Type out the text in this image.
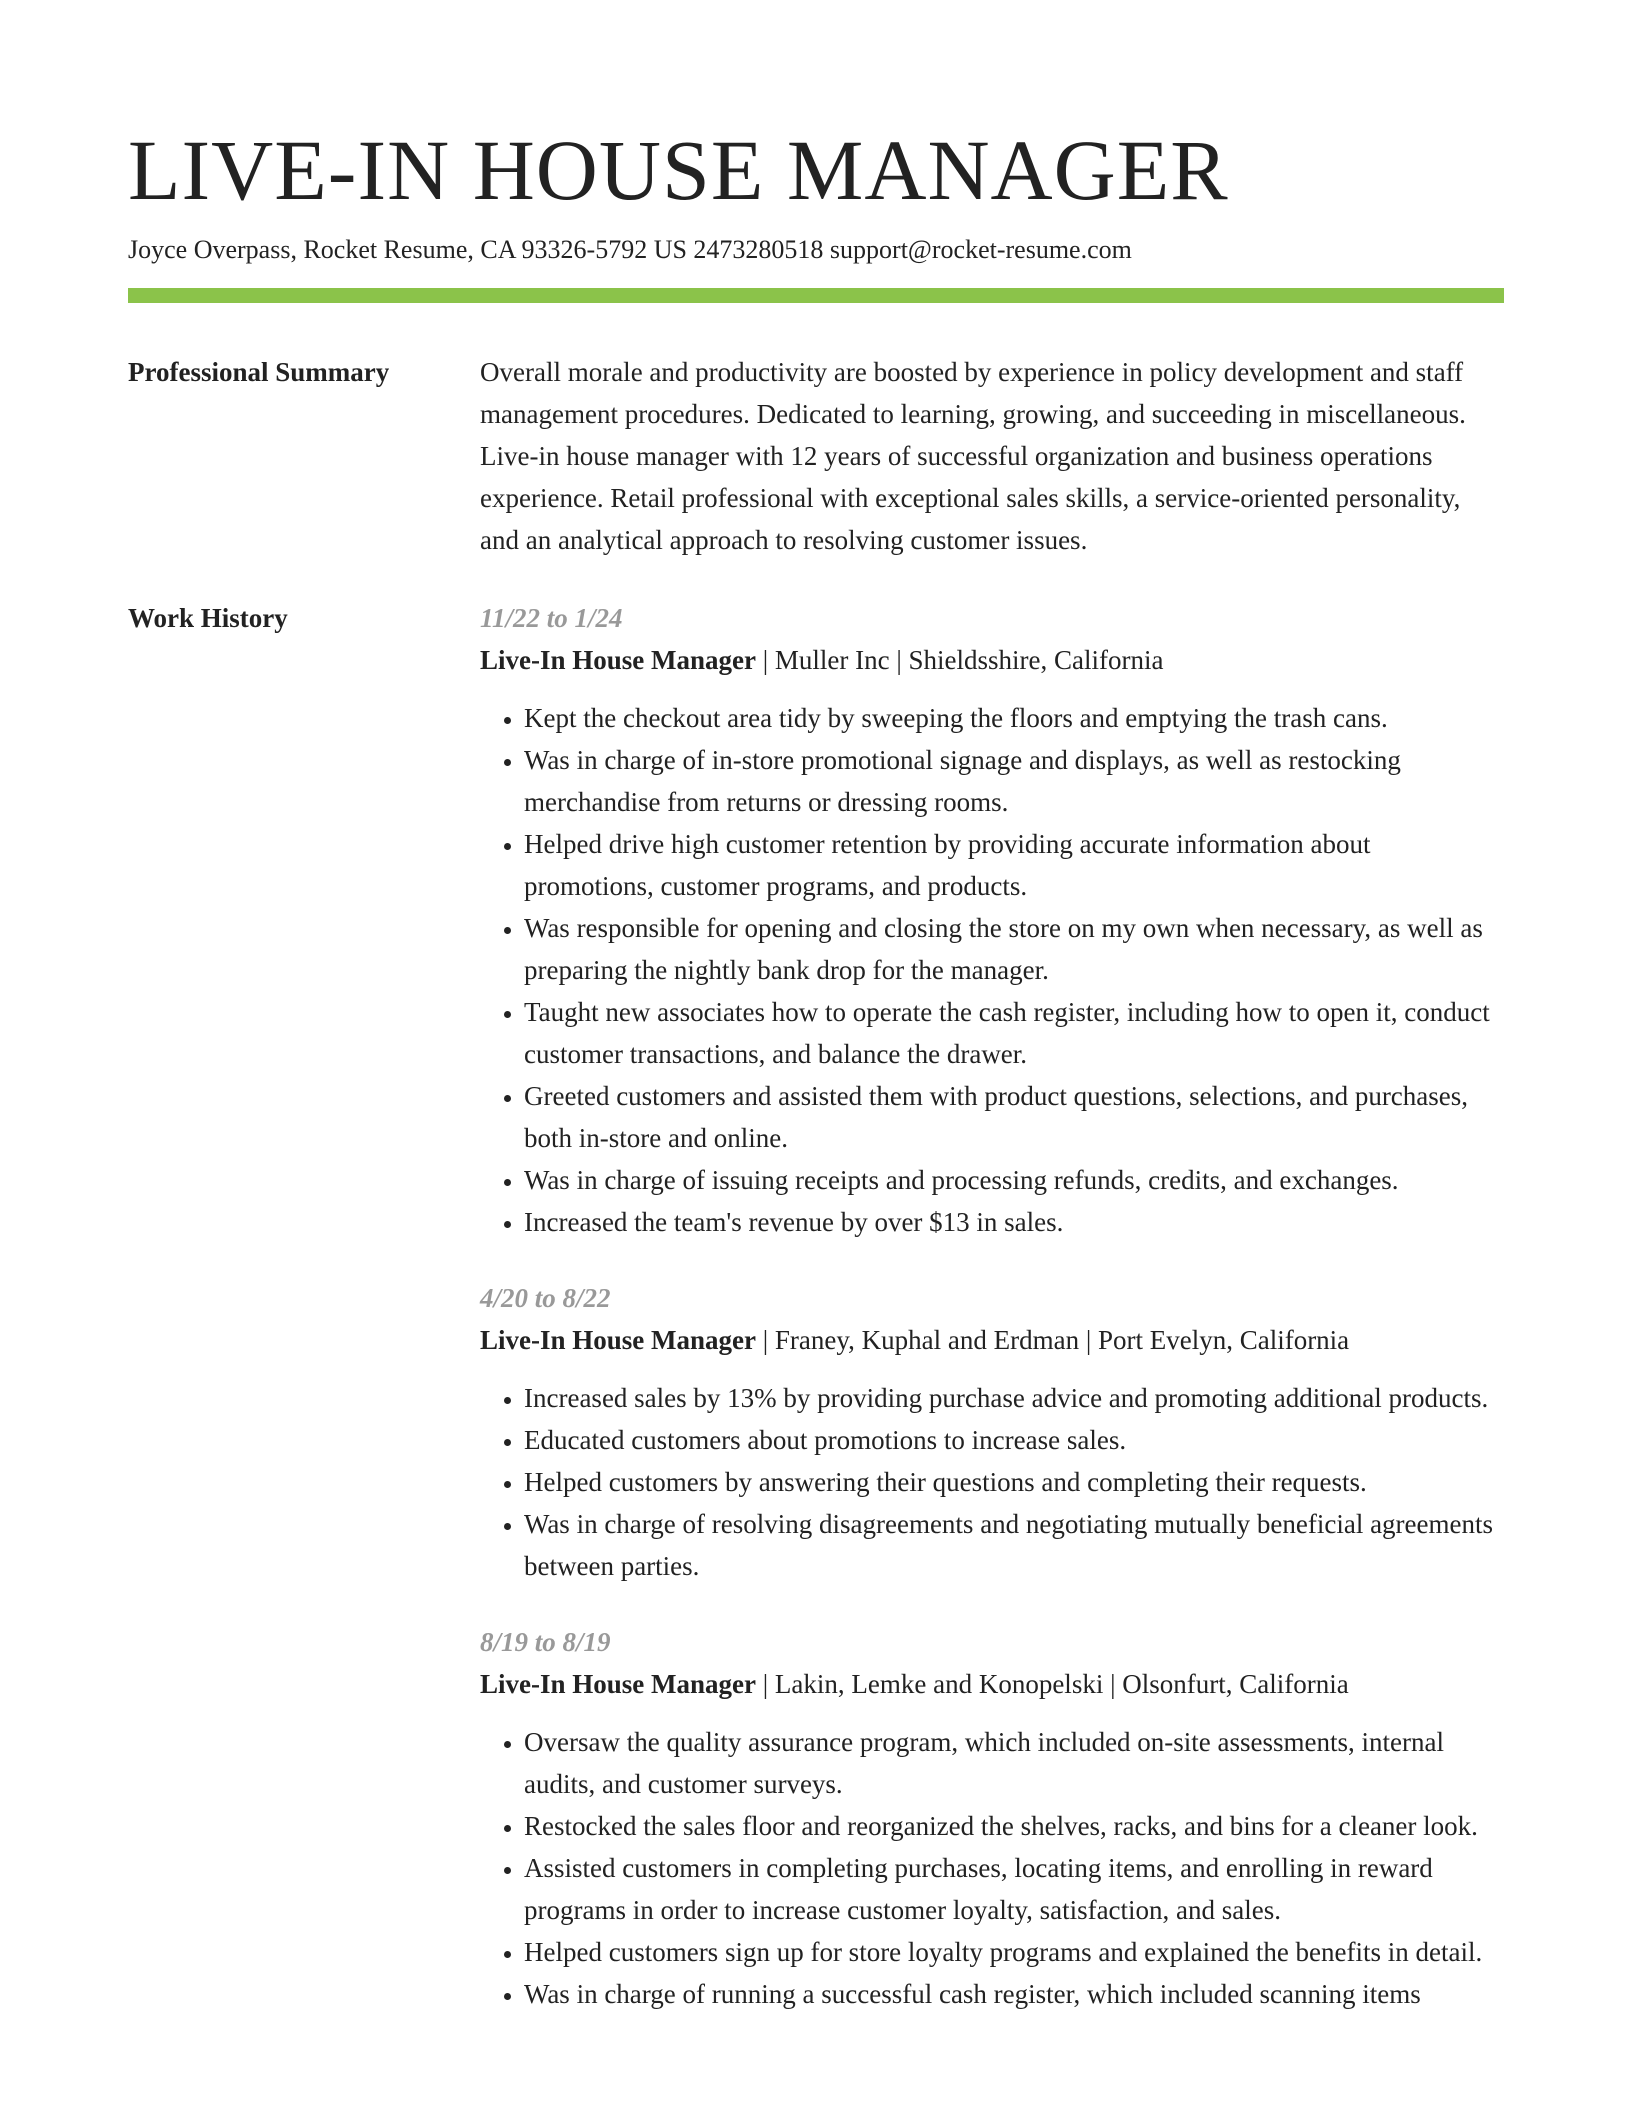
LIVE-IN HOUSE MANAGER
Joyce Overpass, Rocket Resume, CA 93326-5792 US 2473280518 support@rocket-resume.com
Professional Summary	Overall morale and productivity are boosted by experience in policy development and staff management procedures. Dedicated to learning, growing, and succeeding in miscellaneous. Live-in house manager with 12 years of successful organization and business operations experience. Retail professional with exceptional sales skills, a service-oriented personality, and an analytical approach to resolving customer issues.

Work History	11/22 to 1/24
Live-In House Manager | Muller Inc | Shieldsshire, California
• Kept the checkout area tidy by sweeping the floors and emptying the trash cans.
• Was in charge of in-store promotional signage and displays, as well as restocking merchandise from returns or dressing rooms.
• Helped drive high customer retention by providing accurate information about promotions, customer programs, and products.
• Was responsible for opening and closing the store on my own when necessary, as well as preparing the nightly bank drop for the manager.
• Taught new associates how to operate the cash register, including how to open it, conduct customer transactions, and balance the drawer.
• Greeted customers and assisted them with product questions, selections, and purchases, both in-store and online.
• Was in charge of issuing receipts and processing refunds, credits, and exchanges.
• Increased the team's revenue by over $13 in sales.
4/20 to 8/22
Live-In House Manager | Franey, Kuphal and Erdman | Port Evelyn, California
• Increased sales by 13% by providing purchase advice and promoting additional products.
• Educated customers about promotions to increase sales.
• Helped customers by answering their questions and completing their requests.
• Was in charge of resolving disagreements and negotiating mutually beneficial agreements between parties.
8/19 to 8/19
Live-In House Manager | Lakin, Lemke and Konopelski | Olsonfurt, California
• Oversaw the quality assurance program, which included on-site assessments, internal audits, and customer surveys.
• Restocked the sales floor and reorganized the shelves, racks, and bins for a cleaner look.
• Assisted customers in completing purchases, locating items, and enrolling in reward programs in order to increase customer loyalty, satisfaction, and sales.
• Helped customers sign up for store loyalty programs and explained the benefits in detail.
• Was in charge of running a successful cash register, which included scanning items
